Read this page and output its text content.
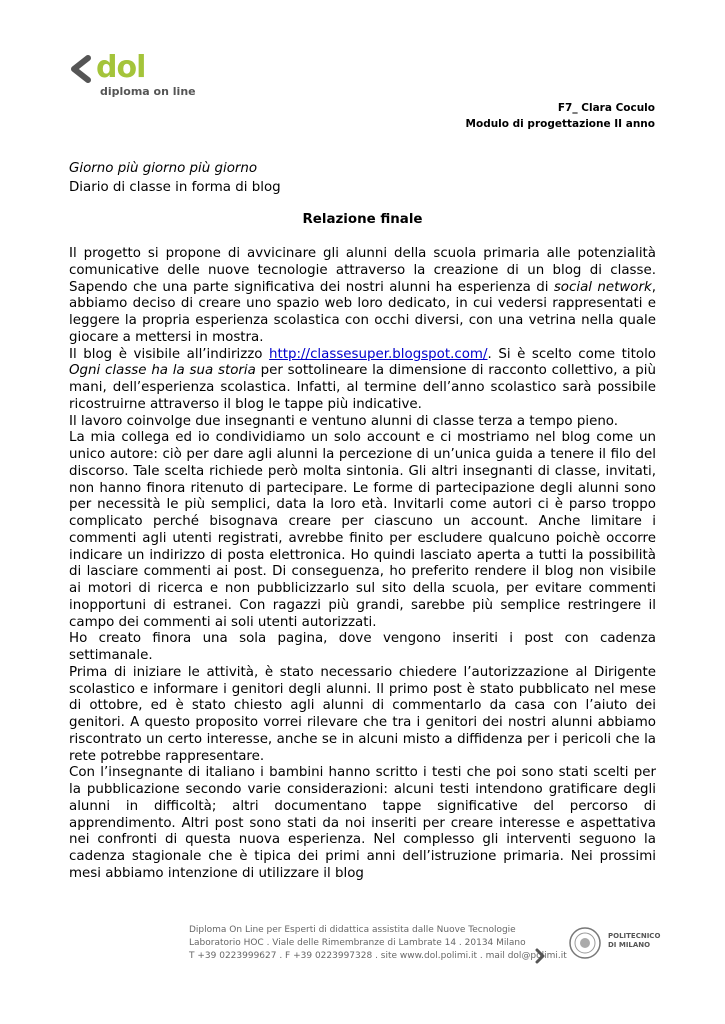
dol
diploma on line
F7_ Clara Coculo
Modulo di progettazione II anno
Giorno più giorno più giorno
Diario di classe in forma di blog
Relazione finale

Il progetto si propone di avvicinare gli alunni della scuola primaria alle potenzialità comunicative delle nuove tecnologie attraverso la creazione di un blog di classe. Sapendo che una parte significativa dei nostri alunni ha esperienza di social network, abbiamo deciso di creare uno spazio web loro dedicato, in cui vedersi rappresentati e leggere la propria esperienza scolastica con occhi diversi, con una vetrina nella quale giocare a mettersi in mostra.

Il blog è visibile all’indirizzo http://classesuper.blogspot.com/. Si è scelto come titolo Ogni classe ha la sua storia per sottolineare la dimensione di racconto collettivo, a più mani, dell’esperienza scolastica. Infatti, al termine dell’anno scolastico sarà possibile ricostruirne attraverso il blog le tappe più indicative.

Il lavoro coinvolge due insegnanti e ventuno alunni di classe terza a tempo pieno.

La mia collega ed io condividiamo un solo account e ci mostriamo nel blog come un unico autore: ciò per dare agli alunni la percezione di un’unica guida a tenere il filo del discorso. Tale scelta richiede però molta sintonia. Gli altri insegnanti di classe, invitati, non hanno finora ritenuto di partecipare. Le forme di partecipazione degli alunni sono per necessità le più semplici, data la loro età. Invitarli come autori ci è parso troppo complicato perché bisognava creare per ciascuno un account. Anche limitare i commenti agli utenti registrati, avrebbe finito per escludere qualcuno poichè occorre indicare un indirizzo di posta elettronica. Ho quindi lasciato aperta a tutti la possibilità di lasciare commenti ai post. Di conseguenza, ho preferito rendere il blog non visibile ai motori di ricerca e non pubblicizzarlo sul sito della scuola, per evitare commenti inopportuni di estranei. Con ragazzi più grandi, sarebbe più semplice restringere il campo dei commenti ai soli utenti autorizzati.

Ho creato finora una sola pagina, dove vengono inseriti i post con cadenza settimanale.

Prima di iniziare le attività, è stato necessario chiedere l’autorizzazione al Dirigente scolastico e informare i genitori degli alunni. Il primo post è stato pubblicato nel mese di ottobre, ed è stato chiesto agli alunni di commentarlo da casa con l’aiuto dei genitori. A questo proposito vorrei rilevare che tra i genitori dei nostri alunni abbiamo riscontrato un certo interesse, anche se in alcuni misto a diffidenza per i pericoli che la rete potrebbe rappresentare.

Con l’insegnante di italiano i bambini hanno scritto i testi che poi sono stati scelti per la pubblicazione secondo varie considerazioni: alcuni testi intendono gratificare degli alunni in difficoltà; altri documentano tappe significative del percorso di apprendimento. Altri post sono stati da noi inseriti per creare interesse e aspettativa nei confronti di questa nuova esperienza. Nel complesso gli interventi seguono la cadenza stagionale che è tipica dei primi anni dell’istruzione primaria. Nei prossimi mesi abbiamo intenzione di utilizzare il blog

Diploma On Line per Esperti di didattica assistita dalle Nuove Tecnologie
Laboratorio HOC . Viale delle Rimembranze di Lambrate 14 . 20134 Milano
T +39 0223999627 . F +39 0223997328 . site www.dol.polimi.it . mail dol@polimi.it
POLITECNICO
DI MILANO
